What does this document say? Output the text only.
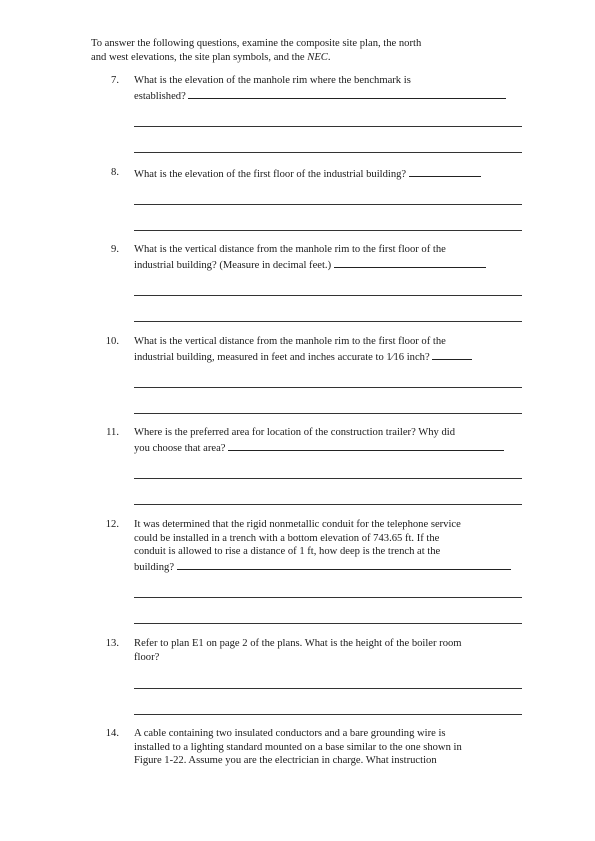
To answer the following questions, examine the composite site plan, the north
and west elevations, the site plan symbols, and the NEC.
7. What is the elevation of the manhole rim where the benchmark is
established?
8. What is the elevation of the first floor of the industrial building?
9. What is the vertical distance from the manhole rim to the first floor of the
industrial building? (Measure in decimal feet.)
10. What is the vertical distance from the manhole rim to the first floor of the
industrial building, measured in feet and inches accurate to 1⁄16 inch?
11. Where is the preferred area for location of the construction trailer? Why did
you choose that area?
12. It was determined that the rigid nonmetallic conduit for the telephone service
could be installed in a trench with a bottom elevation of 743.65 ft. If the
conduit is allowed to rise a distance of 1 ft, how deep is the trench at the
building?
13. Refer to plan E1 on page 2 of the plans. What is the height of the boiler room
floor?
14. A cable containing two insulated conductors and a bare grounding wire is
installed to a lighting standard mounted on a base similar to the one shown in
Figure 1-22. Assume you are the electrician in charge. What instruction
